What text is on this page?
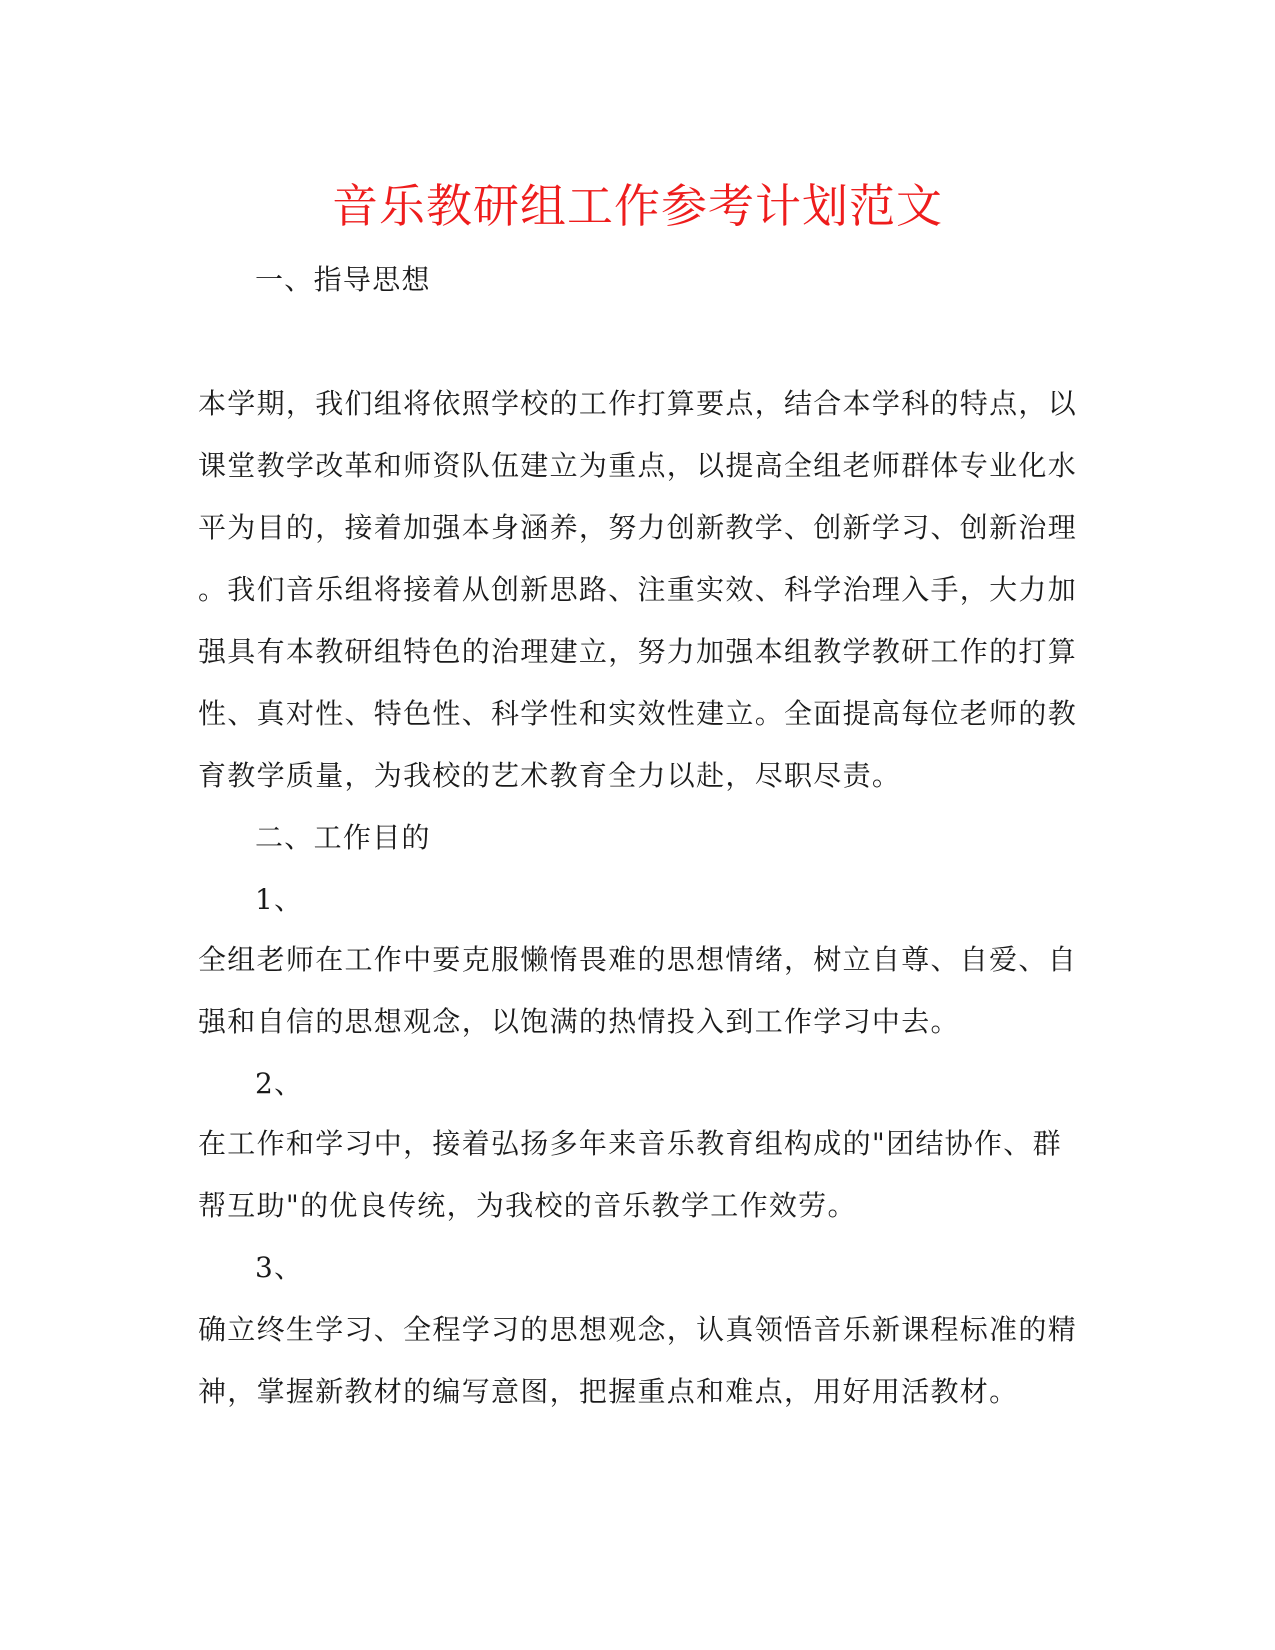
音乐教研组工作参考计划范文
一、指导思想
本学期，我们组将依照学校的工作打算要点，结合本学科的特点，以
课堂教学改革和师资队伍建立为重点，以提高全组老师群体专业化水
平为目的，接着加强本身涵养，努力创新教学、创新学习、创新治理
。我们音乐组将接着从创新思路、注重实效、科学治理入手，大力加
强具有本教研组特色的治理建立，努力加强本组教学教研工作的打算
性、真对性、特色性、科学性和实效性建立。全面提高每位老师的教
育教学质量，为我校的艺术教育全力以赴，尽职尽责。
二、工作目的
1、
全组老师在工作中要克服懒惰畏难的思想情绪，树立自尊、自爱、自
强和自信的思想观念，以饱满的热情投入到工作学习中去。
2、
在工作和学习中，接着弘扬多年来音乐教育组构成的"团结协作、群
帮互助"的优良传统，为我校的音乐教学工作效劳。
3、
确立终生学习、全程学习的思想观念，认真领悟音乐新课程标准的精
神，掌握新教材的编写意图，把握重点和难点，用好用活教材。
